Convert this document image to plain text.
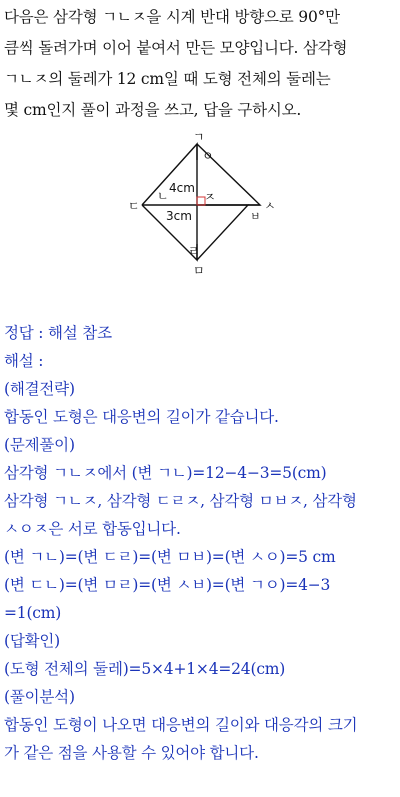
다음은 삼각형 ㄱㄴㅈ을 시계 반대 방향으로 90°만
큼씩 돌려가며 이어 붙여서 만든 모양입니다. 삼각형
ㄱㄴㅈ의 둘레가 12 cm일 때 도형 전체의 둘레는
몇 cm인지 풀이 과정을 쓰고, 답을 구하시오.
ㄱ
ㅇ
ㄴ
ㄷ
ㅈ
ㅂ
ㅅ
ㄹ
ㅁ
4cm
3cm
정답 : 해설 참조
해설 :
(해결전략)
합동인 도형은 대응변의 길이가 같습니다.
(문제풀이)
삼각형 ㄱㄴㅈ에서 (변 ㄱㄴ)=12−4−3=5(cm)
삼각형 ㄱㄴㅈ, 삼각형 ㄷㄹㅈ, 삼각형 ㅁㅂㅈ, 삼각형
ㅅㅇㅈ은 서로 합동입니다.
(변 ㄱㄴ)=(변 ㄷㄹ)=(변 ㅁㅂ)=(변 ㅅㅇ)=5 cm
(변 ㄷㄴ)=(변 ㅁㄹ)=(변 ㅅㅂ)=(변 ㄱㅇ)=4−3
=1(cm)
(답확인)
(도형 전체의 둘레)=5×4+1×4=24(cm)
(풀이분석)
합동인 도형이 나오면 대응변의 길이와 대응각의 크기
가 같은 점을 사용할 수 있어야 합니다.
